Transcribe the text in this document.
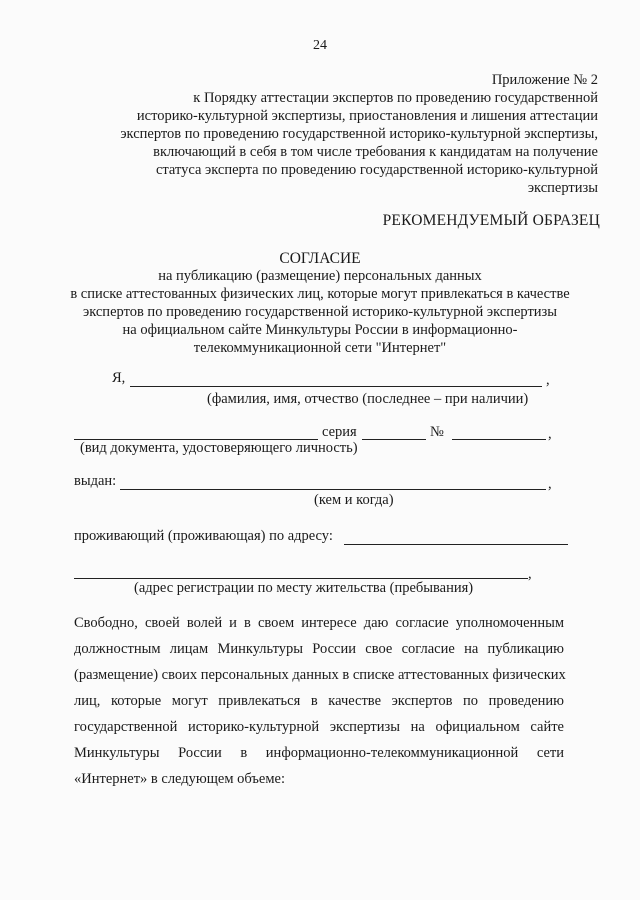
24
Приложение № 2
к Порядку аттестации экспертов по проведению государственной
историко-культурной экспертизы, приостановления и лишения аттестации
экспертов по проведению государственной историко-культурной экспертизы,
включающий в себя в том числе требования к кандидатам на получение
статуса эксперта по проведению государственной историко-культурной
экспертизы
РЕКОМЕНДУЕМЫЙ ОБРАЗЕЦ
СОГЛАСИЕ
на публикацию (размещение) персональных данных
в списке аттестованных физических лиц, которые могут привлекаться в качестве
экспертов по проведению государственной историко-культурной экспертизы
на официальном сайте Минкультуры России в информационно-
телекоммуникационной сети "Интернет"
Я,	,
(фамилия, имя, отчество (последнее – при наличии)
серия	№	,
(вид документа, удостоверяющего личность)
выдан:	,
(кем и когда)
проживающий (проживающая) по адресу:
,
(адрес регистрации по месту жительства (пребывания)
Свободно, своей волей и в своем интересе даю согласие уполномоченным
должностным лицам Минкультуры России свое согласие на публикацию
(размещение) своих персональных данных в списке аттестованных физических
лиц, которые могут привлекаться в качестве экспертов по проведению
государственной историко-культурной экспертизы на официальном сайте
Минкультуры России в информационно-телекоммуникационной сети
«Интернет» в следующем объеме:
